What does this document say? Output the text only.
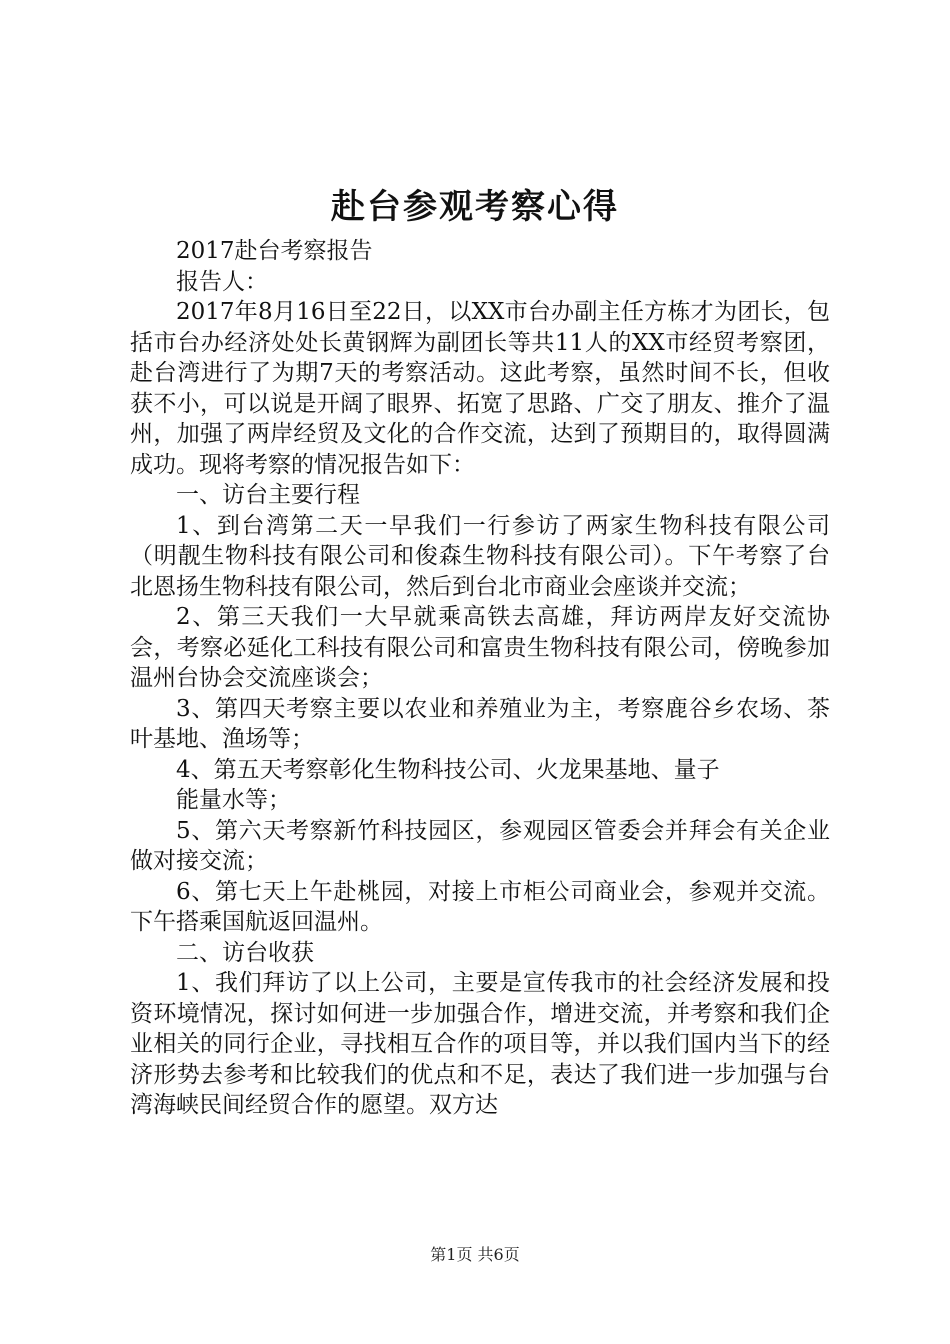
赴台参观考察心得

2017赴台考察报告

报告人：

2017年8月16日至22日，以XX市台办副主任方栋才为团长，包括市台办经济处处长黄钢辉为副团长等共11人的XX市经贸考察团，赴台湾进行了为期7天的考察活动。这此考察，虽然时间不长，但收获不小，可以说是开阔了眼界、拓宽了思路、广交了朋友、推介了温州，加强了两岸经贸及文化的合作交流，达到了预期目的，取得圆满成功。现将考察的情况报告如下：

一、访台主要行程

1、到台湾第二天一早我们一行参访了两家生物科技有限公司（明靓生物科技有限公司和俊森生物科技有限公司）。下午考察了台北恩扬生物科技有限公司，然后到台北市商业会座谈并交流；

2、第三天我们一大早就乘高铁去高雄，拜访两岸友好交流协会，考察必延化工科技有限公司和富贵生物科技有限公司，傍晚参加温州台协会交流座谈会；

3、第四天考察主要以农业和养殖业为主，考察鹿谷乡农场、茶叶基地、渔场等；

4、第五天考察彰化生物科技公司、火龙果基地、量子

能量水等；

5、第六天考察新竹科技园区，参观园区管委会并拜会有关企业做对接交流；

6、第七天上午赴桃园，对接上市柜公司商业会，参观并交流。下午搭乘国航返回温州。

二、访台收获

1、我们拜访了以上公司，主要是宣传我市的社会经济发展和投资环境情况，探讨如何进一步加强合作，增进交流，并考察和我们企业相关的同行企业，寻找相互合作的项目等，并以我们国内当下的经济形势去参考和比较我们的优点和不足，表达了我们进一步加强与台湾海峡民间经贸合作的愿望。双方达

第1页 共6页
